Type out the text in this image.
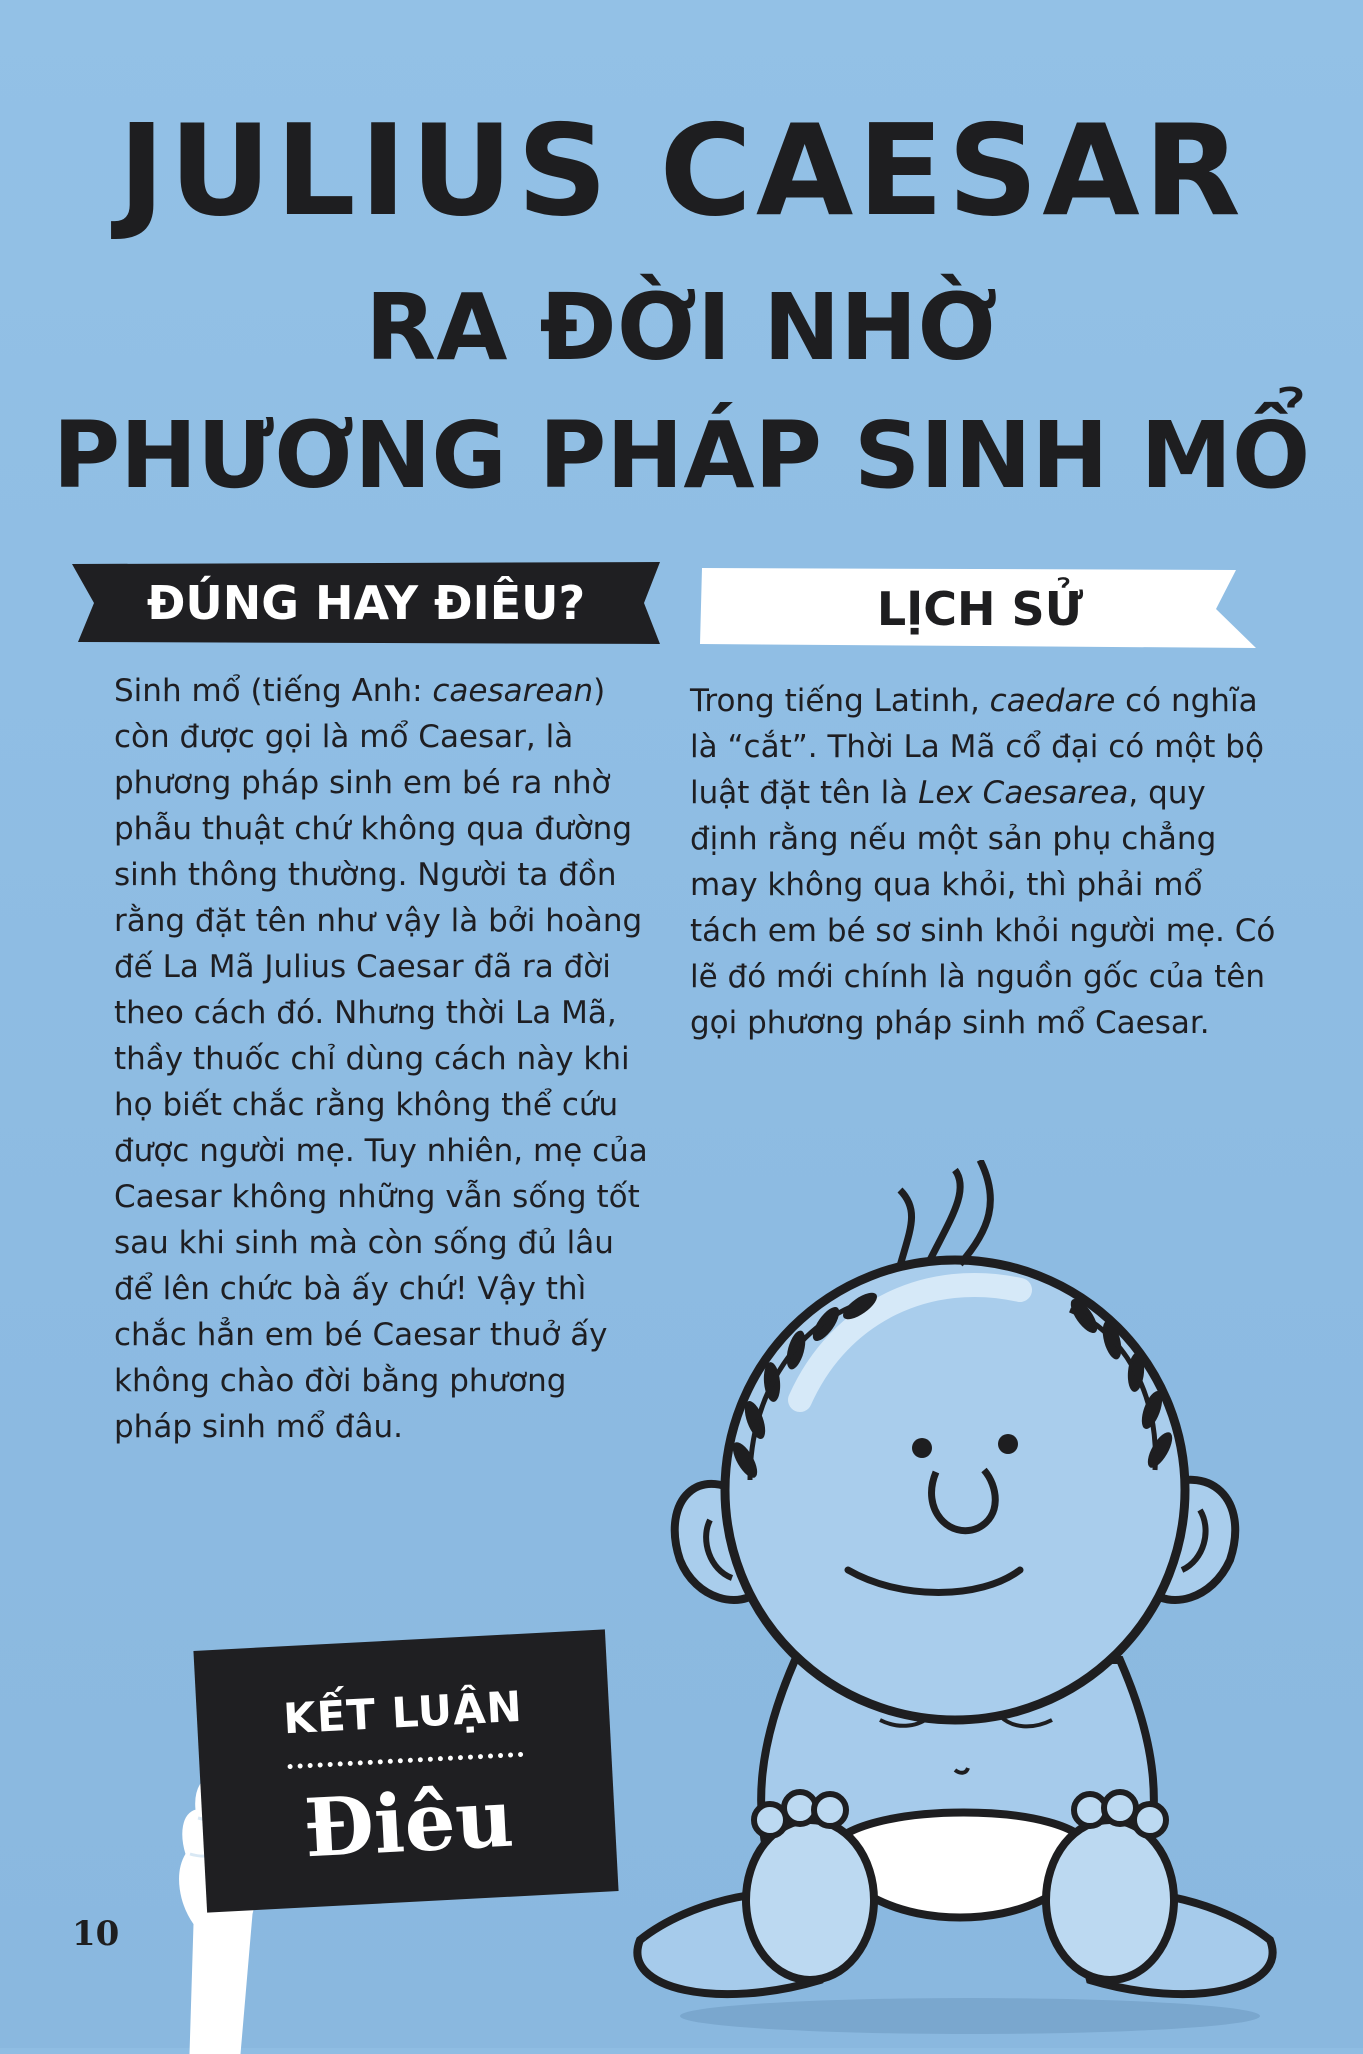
JULIUS CAESAR
RA ĐỜI NHỜ
PHƯƠNG PHÁP SINH MỔ
ĐÚNG HAY ĐIÊU?	LỊCH SỬ

Sinh mổ (tiếng Anh: caesarean) còn được gọi là mổ Caesar, là phương pháp sinh em bé ra nhờ phẫu thuật chứ không qua đường sinh thông thường. Người ta đồn rằng đặt tên như vậy là bởi hoàng đế La Mã Julius Caesar đã ra đời theo cách đó. Nhưng thời La Mã, thầy thuốc chỉ dùng cách này khi họ biết chắc rằng không thể cứu được người mẹ. Tuy nhiên, mẹ của Caesar không những vẫn sống tốt sau khi sinh mà còn sống đủ lâu để lên chức bà ấy chứ! Vậy thì chắc hẳn em bé Caesar thuở ấy không chào đời bằng phương pháp sinh mổ đâu.

Trong tiếng Latinh, caedare có nghĩa là “cắt”. Thời La Mã cổ đại có một bộ luật đặt tên là Lex Caesarea, quy định rằng nếu một sản phụ chẳng may không qua khỏi, thì phải mổ tách em bé sơ sinh khỏi người mẹ. Có lẽ đó mới chính là nguồn gốc của tên gọi phương pháp sinh mổ Caesar.

KẾT LUẬN
Điêu
10
